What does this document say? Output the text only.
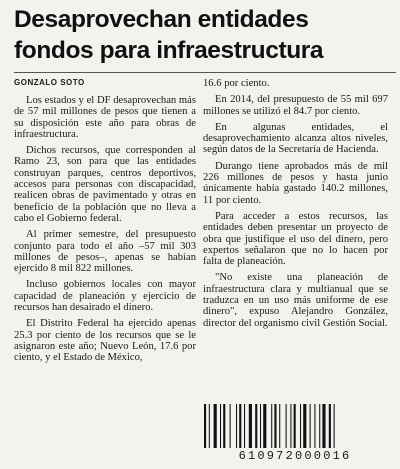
Desaprovechan entidades
fondos para infraestructura
GONZALO SOTO

Los estados y el DF desaprovechan más de 57 mil millones de pesos que tienen a su disposición este año para obras de infraestructura.

Dichos recursos, que corresponden al Ramo 23, son para que las entidades construyan parques, centros deportivos, accesos para personas con discapacidad, realicen obras de pavimentado y otras en beneficio de la población que no lleva a cabo el Gobierno federal.

Al primer semestre, del presupuesto conjunto para todo el año –57 mil 303 millones de pesos–, apenas se habían ejercido 8 mil 822 millones.

Incluso gobiernos locales con mayor capacidad de planeación y ejercicio de recursos han desairado el dinero.

El Distrito Federal ha ejercido apenas 25.3 por ciento de los recursos que se le asignaron este año; Nuevo León, 17.6 por ciento, y el Estado de México,

16.6 por ciento.

En 2014, del presupuesto de 55 mil 697 millones se utilizó el 84.7 por ciento.

En algunas entidades, el desaprovechamiento alcanza altos niveles, según datos de la Secretaría de Hacienda.

Durango tiene aprobados más de mil 226 millones de pesos y hasta junio únicamente había gastado 140.2 millones, 11 por ciento.

Para acceder a estos recursos, las entidades deben presentar un proyecto de obra que justifique el uso del dinero, pero expertos señalaron que no lo hacen por falta de planeación.

"No existe una planeación de infraestructura clara y multianual que se traduzca en un uso más uniforme de ese dinero", expuso Alejandro González, director del organismo civil Gestión Social.

610972000016
